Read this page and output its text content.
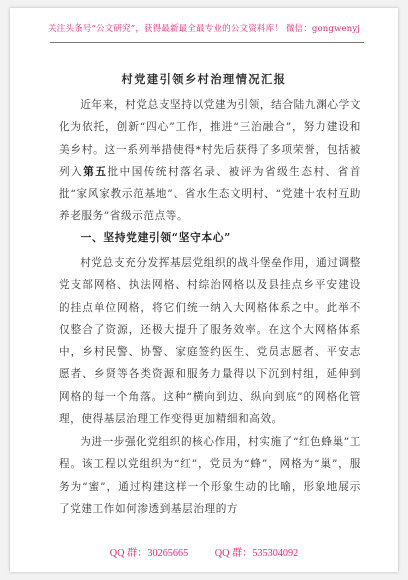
关注头条号“公文研究”，获得最新最全最专业的公文资料库！ 微信：gongwenyj
村党建引领乡村治理情况汇报

近年来，村党总支坚持以党建为引领，结合陆九渊心学文化为依托，创新“四心”工作，推进“三治融合”，努力建设和美乡村。这一系列举措使得*村先后获得了多项荣誉，包括被列入第五批中国传统村落名录、被评为省级生态村、省首批“家风家教示范基地”、省水生态文明村、“党建十农村互助养老服务”省级示范点等。

一、坚持党建引领“坚守本心”

村党总支充分发挥基层党组织的战斗堡垒作用，通过调整党支部网格、执法网格、村综治网格以及县挂点乡平安建设的挂点单位网格，将它们统一纳入大网格体系之中。此举不仅整合了资源，还极大提升了服务效率。在这个大网格体系中，乡村民警、协警、家庭签约医生、党员志愿者、平安志愿者、乡贤等各类资源和服务力量得以下沉到村组，延伸到网格的每一个角落。这种“横向到边、纵向到底”的网格化管理，使得基层治理工作变得更加精细和高效。

为进一步强化党组织的核心作用，村实施了“红色蜂巢”工程。该工程以党组织为“红”，党员为“蜂”，网格为“巢”，服务为“蜜”，通过构建这样一个形象生动的比喻，形象地展示了党建工作如何渗透到基层治理的方

QQ 群：30265665	QQ 群：535304092
